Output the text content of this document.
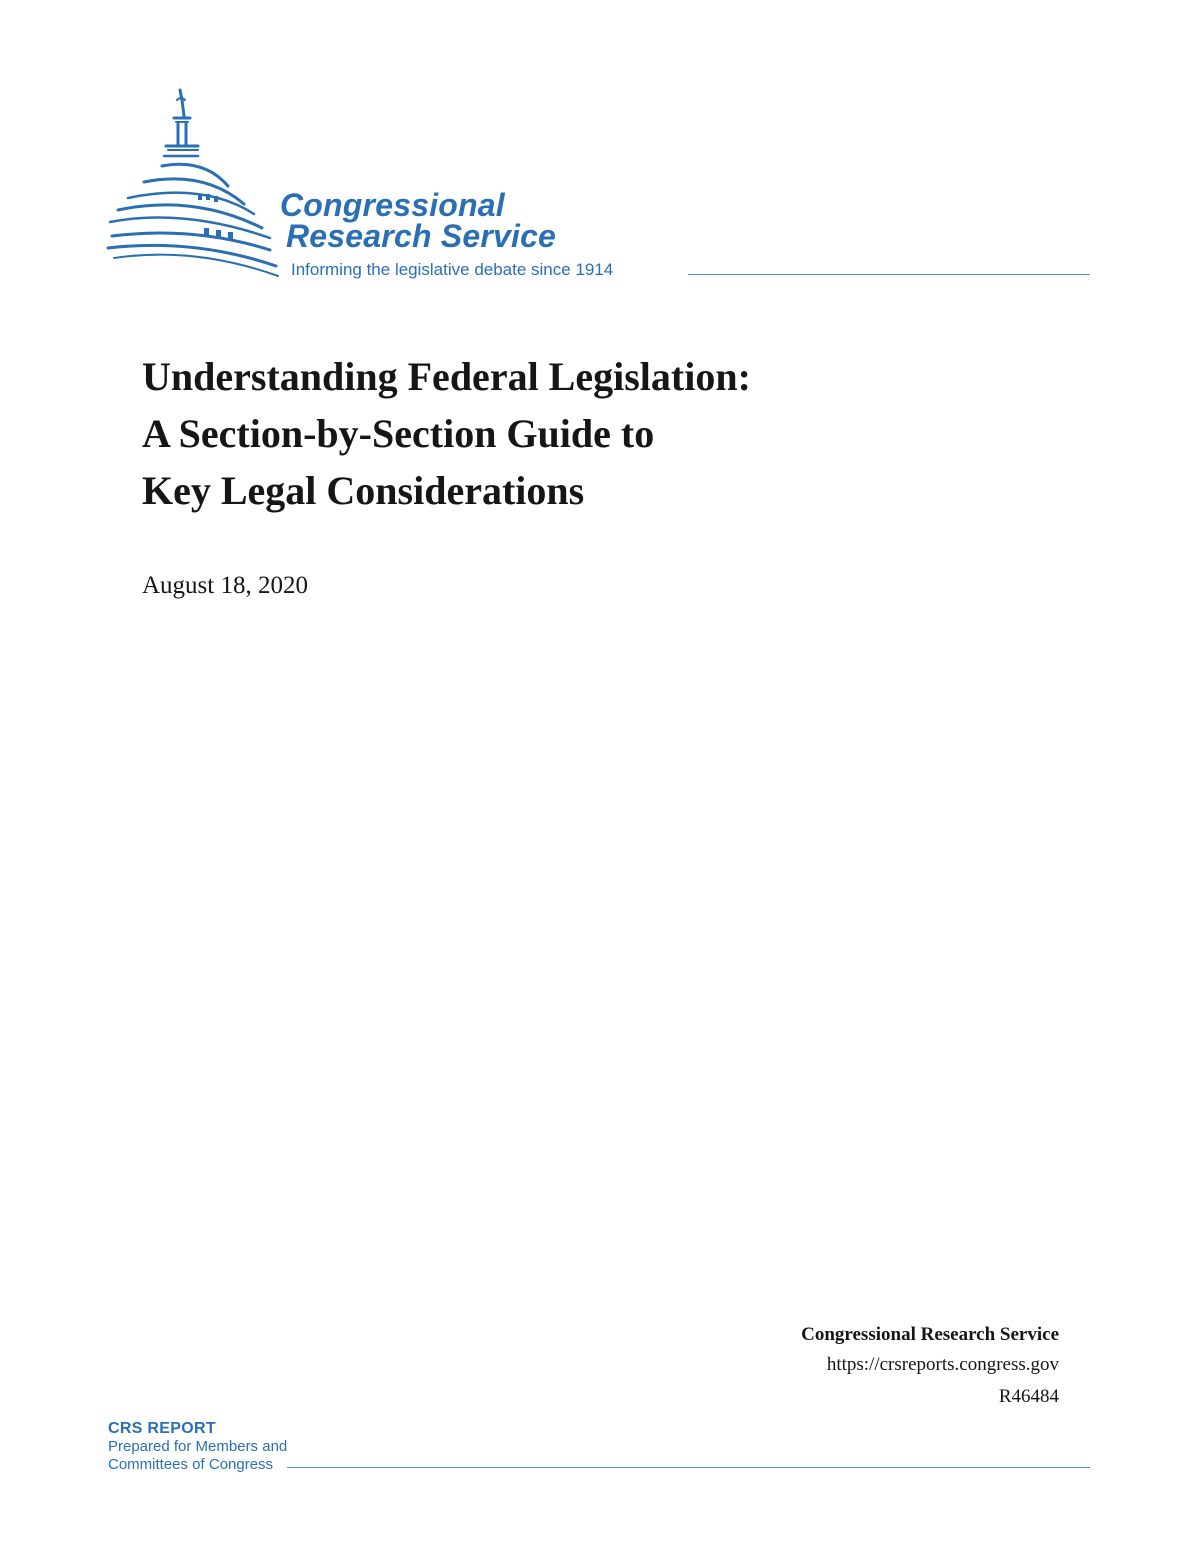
Congressional
Research Service
Informing the legislative debate since 1914
Understanding Federal Legislation:
A Section-by-Section Guide to
Key Legal Considerations
August 18, 2020
Congressional Research Service
https://crsreports.congress.gov
R46484
CRS REPORT
Prepared for Members and
Committees of Congress
